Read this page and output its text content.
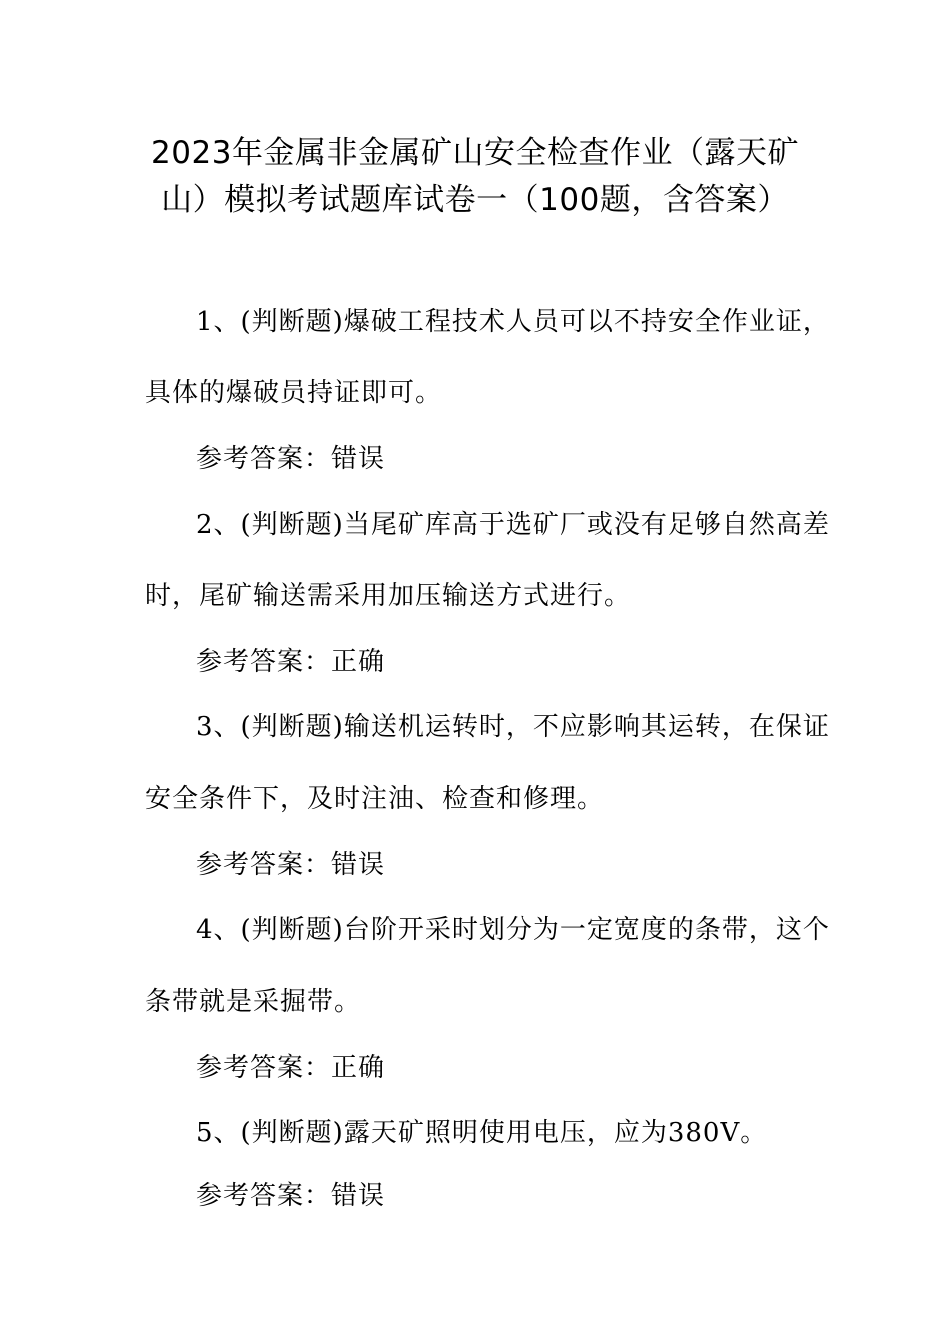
2023年金属非金属矿山安全检查作业（露天矿
山）模拟考试题库试卷一（100题，含答案）
1、(判断题)爆破工程技术人员可以不持安全作业证，
具体的爆破员持证即可。
参考答案：错误
2、(判断题)当尾矿库高于选矿厂或没有足够自然高差
时，尾矿输送需采用加压输送方式进行。
参考答案：正确
3、(判断题)输送机运转时，不应影响其运转，在保证
安全条件下，及时注油、检查和修理。
参考答案：错误
4、(判断题)台阶开采时划分为一定宽度的条带，这个
条带就是采掘带。
参考答案：正确
5、(判断题)露天矿照明使用电压，应为380V。
参考答案：错误
